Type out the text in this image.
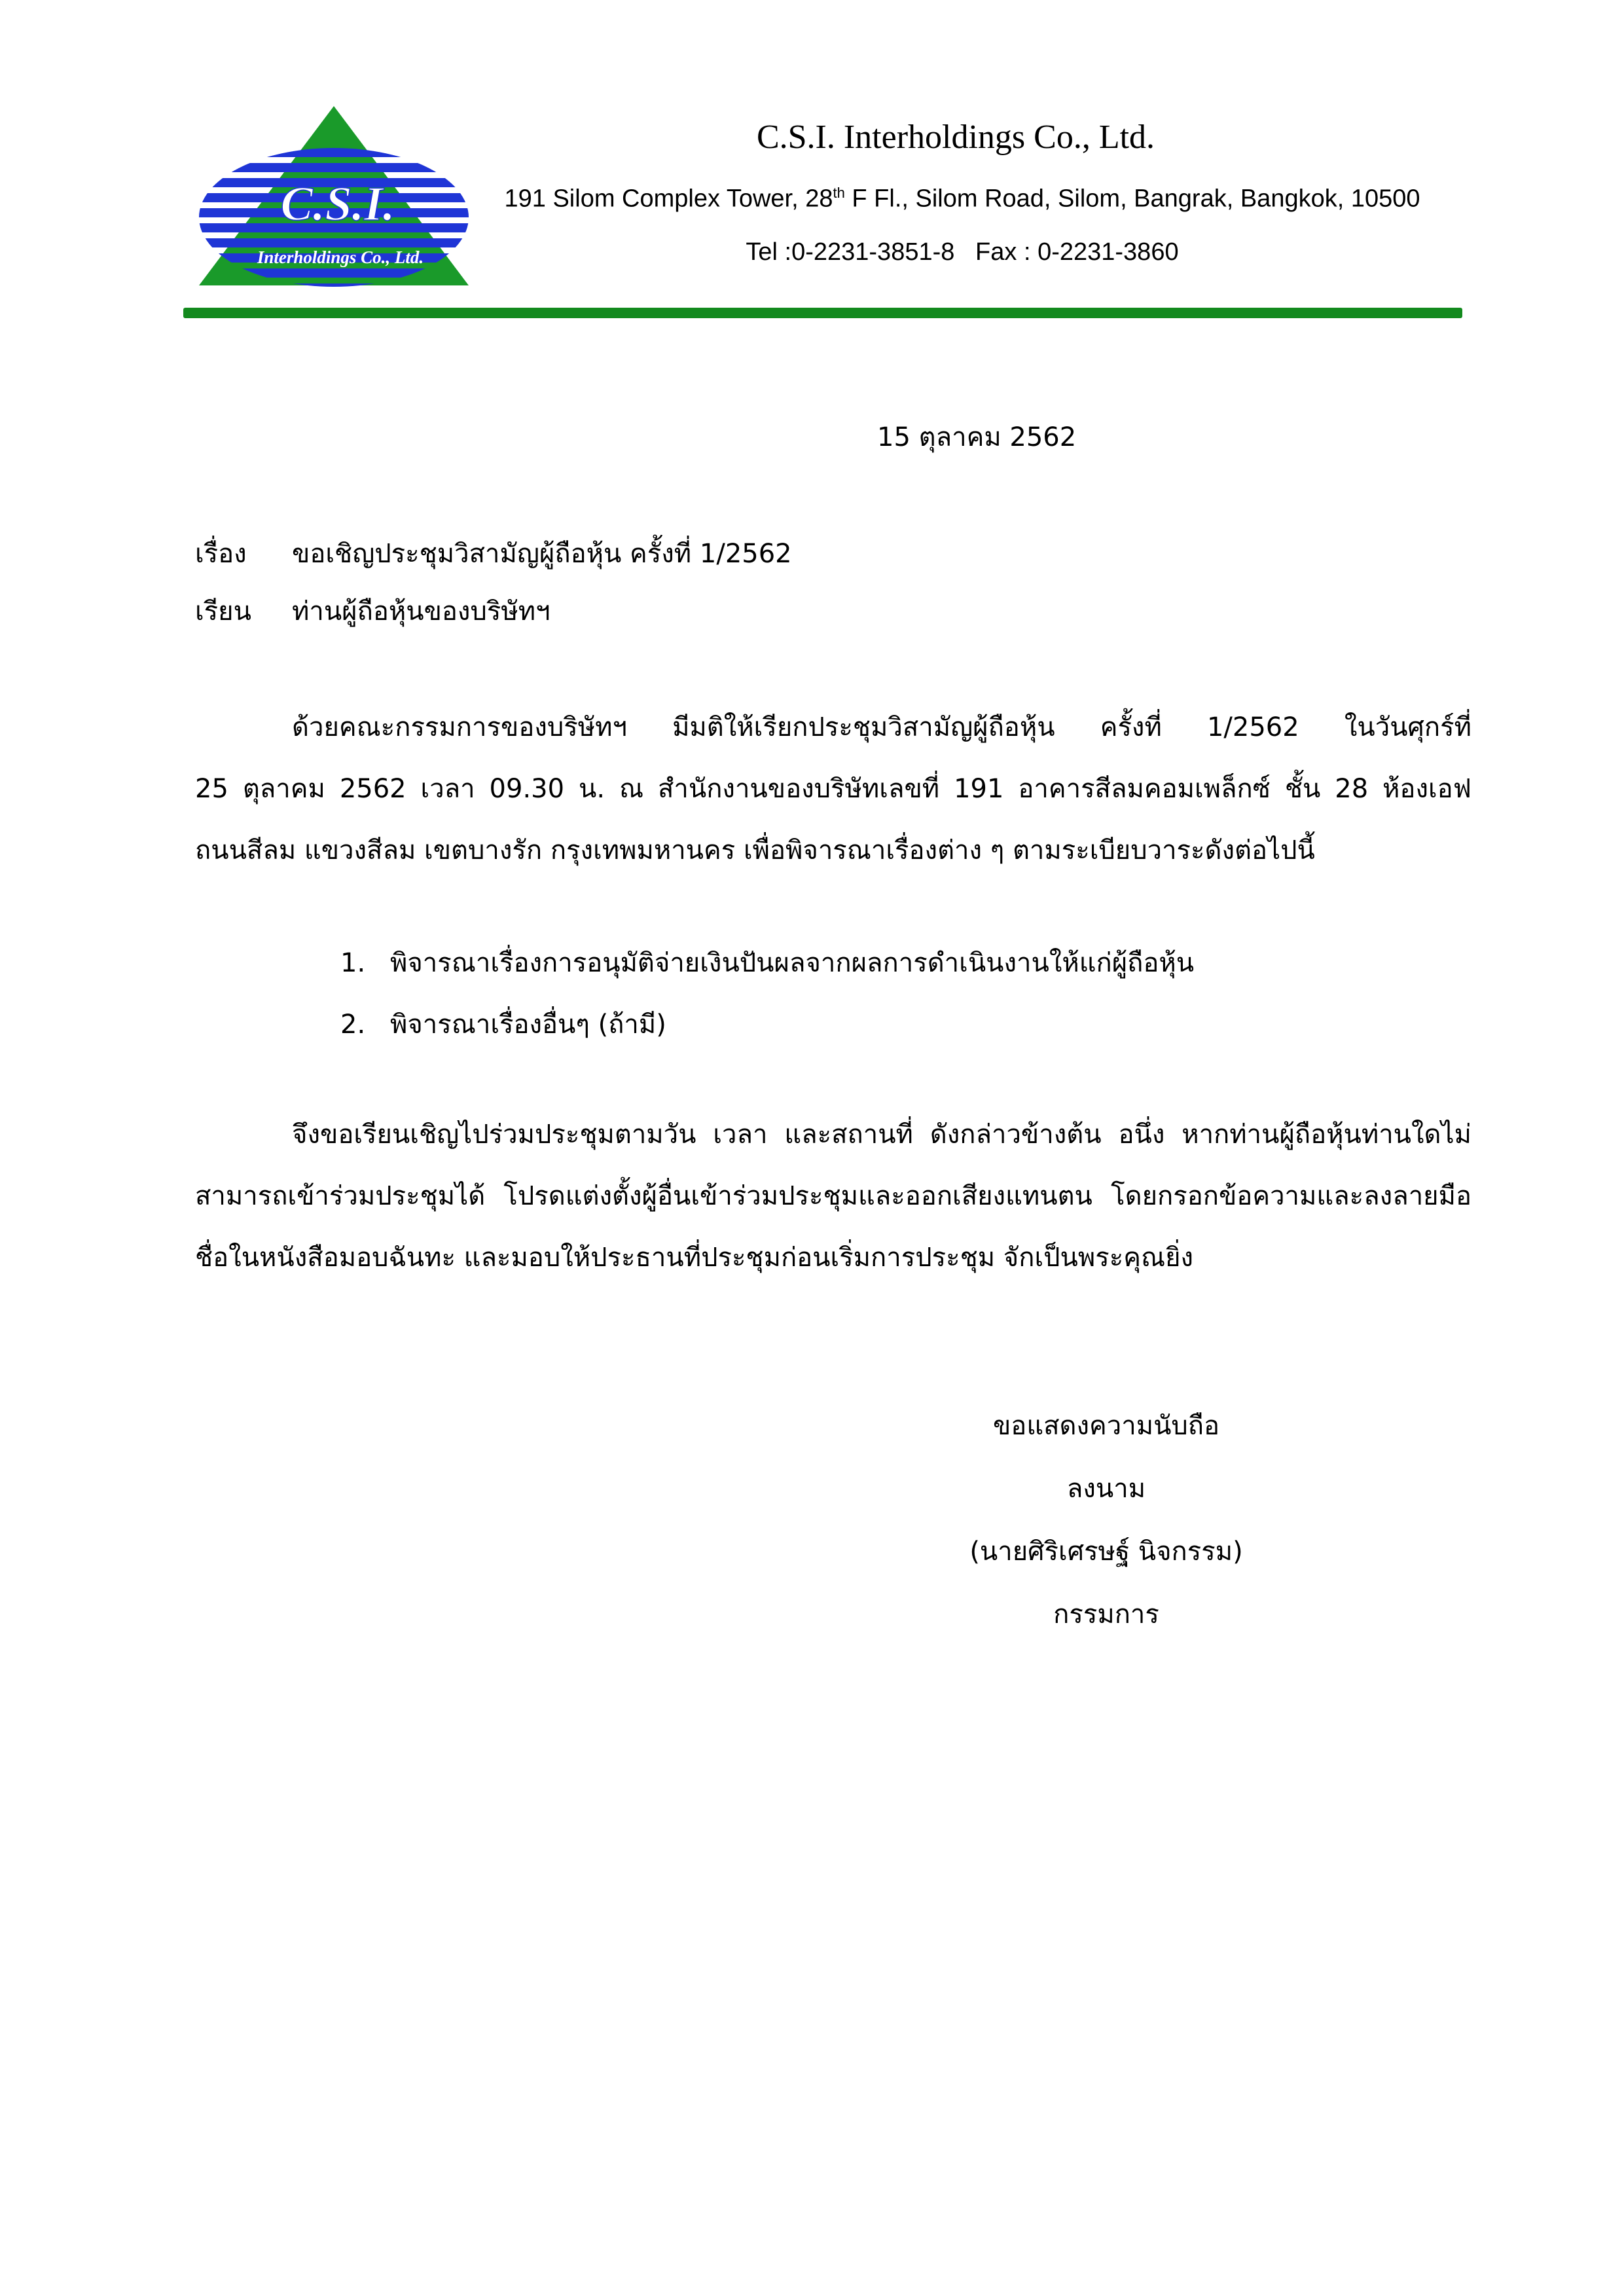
C.S.I.
Interholdings Co., Ltd.
C.S.I. Interholdings Co., Ltd.
191 Silom Complex Tower, 28th F Fl., Silom Road, Silom, Bangrak, Bangkok, 10500
Tel :0-2231-3851-8   Fax : 0-2231-3860
15 ตุลาคม 2562
เรื่อง ขอเชิญประชุมวิสามัญผู้ถือหุ้น ครั้งที่ 1/2562
เรียน ท่านผู้ถือหุ้นของบริษัทฯ
ด้วยคณะกรรมการของบริษัทฯ มีมติให้เรียกประชุมวิสามัญผู้ถือหุ้น ครั้งที่ 1/2562 ในวันศุกร์ที่
25 ตุลาคม 2562 เวลา 09.30 น. ณ สำนักงานของบริษัทเลขที่ 191 อาคารสีลมคอมเพล็กซ์ ชั้น 28 ห้องเอฟ
ถนนสีลม แขวงสีลม เขตบางรัก กรุงเทพมหานคร เพื่อพิจารณาเรื่องต่าง ๆ ตามระเบียบวาระดังต่อไปนี้
1. พิจารณาเรื่องการอนุมัติจ่ายเงินปันผลจากผลการดำเนินงานให้แก่ผู้ถือหุ้น
2. พิจารณาเรื่องอื่นๆ (ถ้ามี)
จึงขอเรียนเชิญไปร่วมประชุมตามวัน เวลา และสถานที่ ดังกล่าวข้างต้น อนึ่ง หากท่านผู้ถือหุ้นท่านใดไม่
สามารถเข้าร่วมประชุมได้ โปรดแต่งตั้งผู้อื่นเข้าร่วมประชุมและออกเสียงแทนตน โดยกรอกข้อความและลงลายมือ
ชื่อในหนังสือมอบฉันทะ และมอบให้ประธานที่ประชุมก่อนเริ่มการประชุม จักเป็นพระคุณยิ่ง
ขอแสดงความนับถือ
ลงนาม
(นายศิริเศรษฐ์ นิจกรรม)
กรรมการ
